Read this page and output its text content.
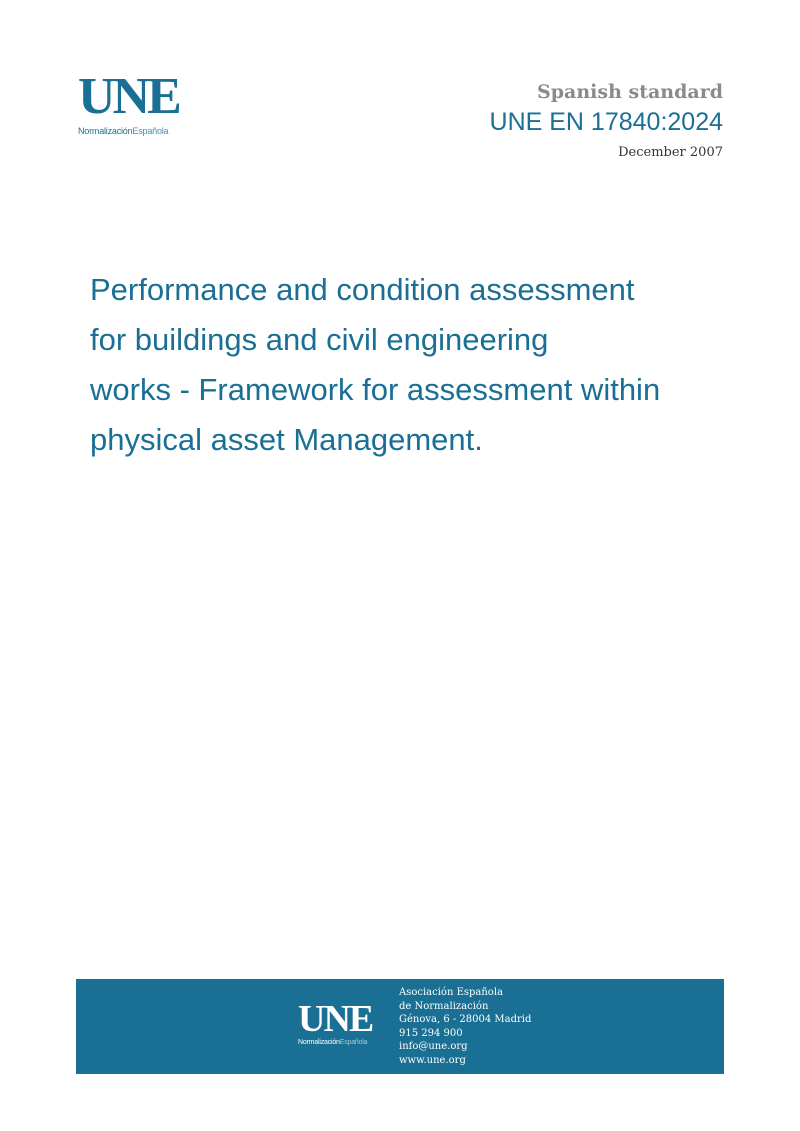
UNE
NormalizaciónEspañola
Spanish standard
UNE EN 17840:2024
December 2007
Performance and condition assessment
for buildings and civil engineering
works - Framework for assessment within
physical asset Management.
UNE
NormalizaciónEspañola
Asociación Española
de Normalización
Génova, 6 - 28004 Madrid
915 294 900
info@une.org
www.une.org
